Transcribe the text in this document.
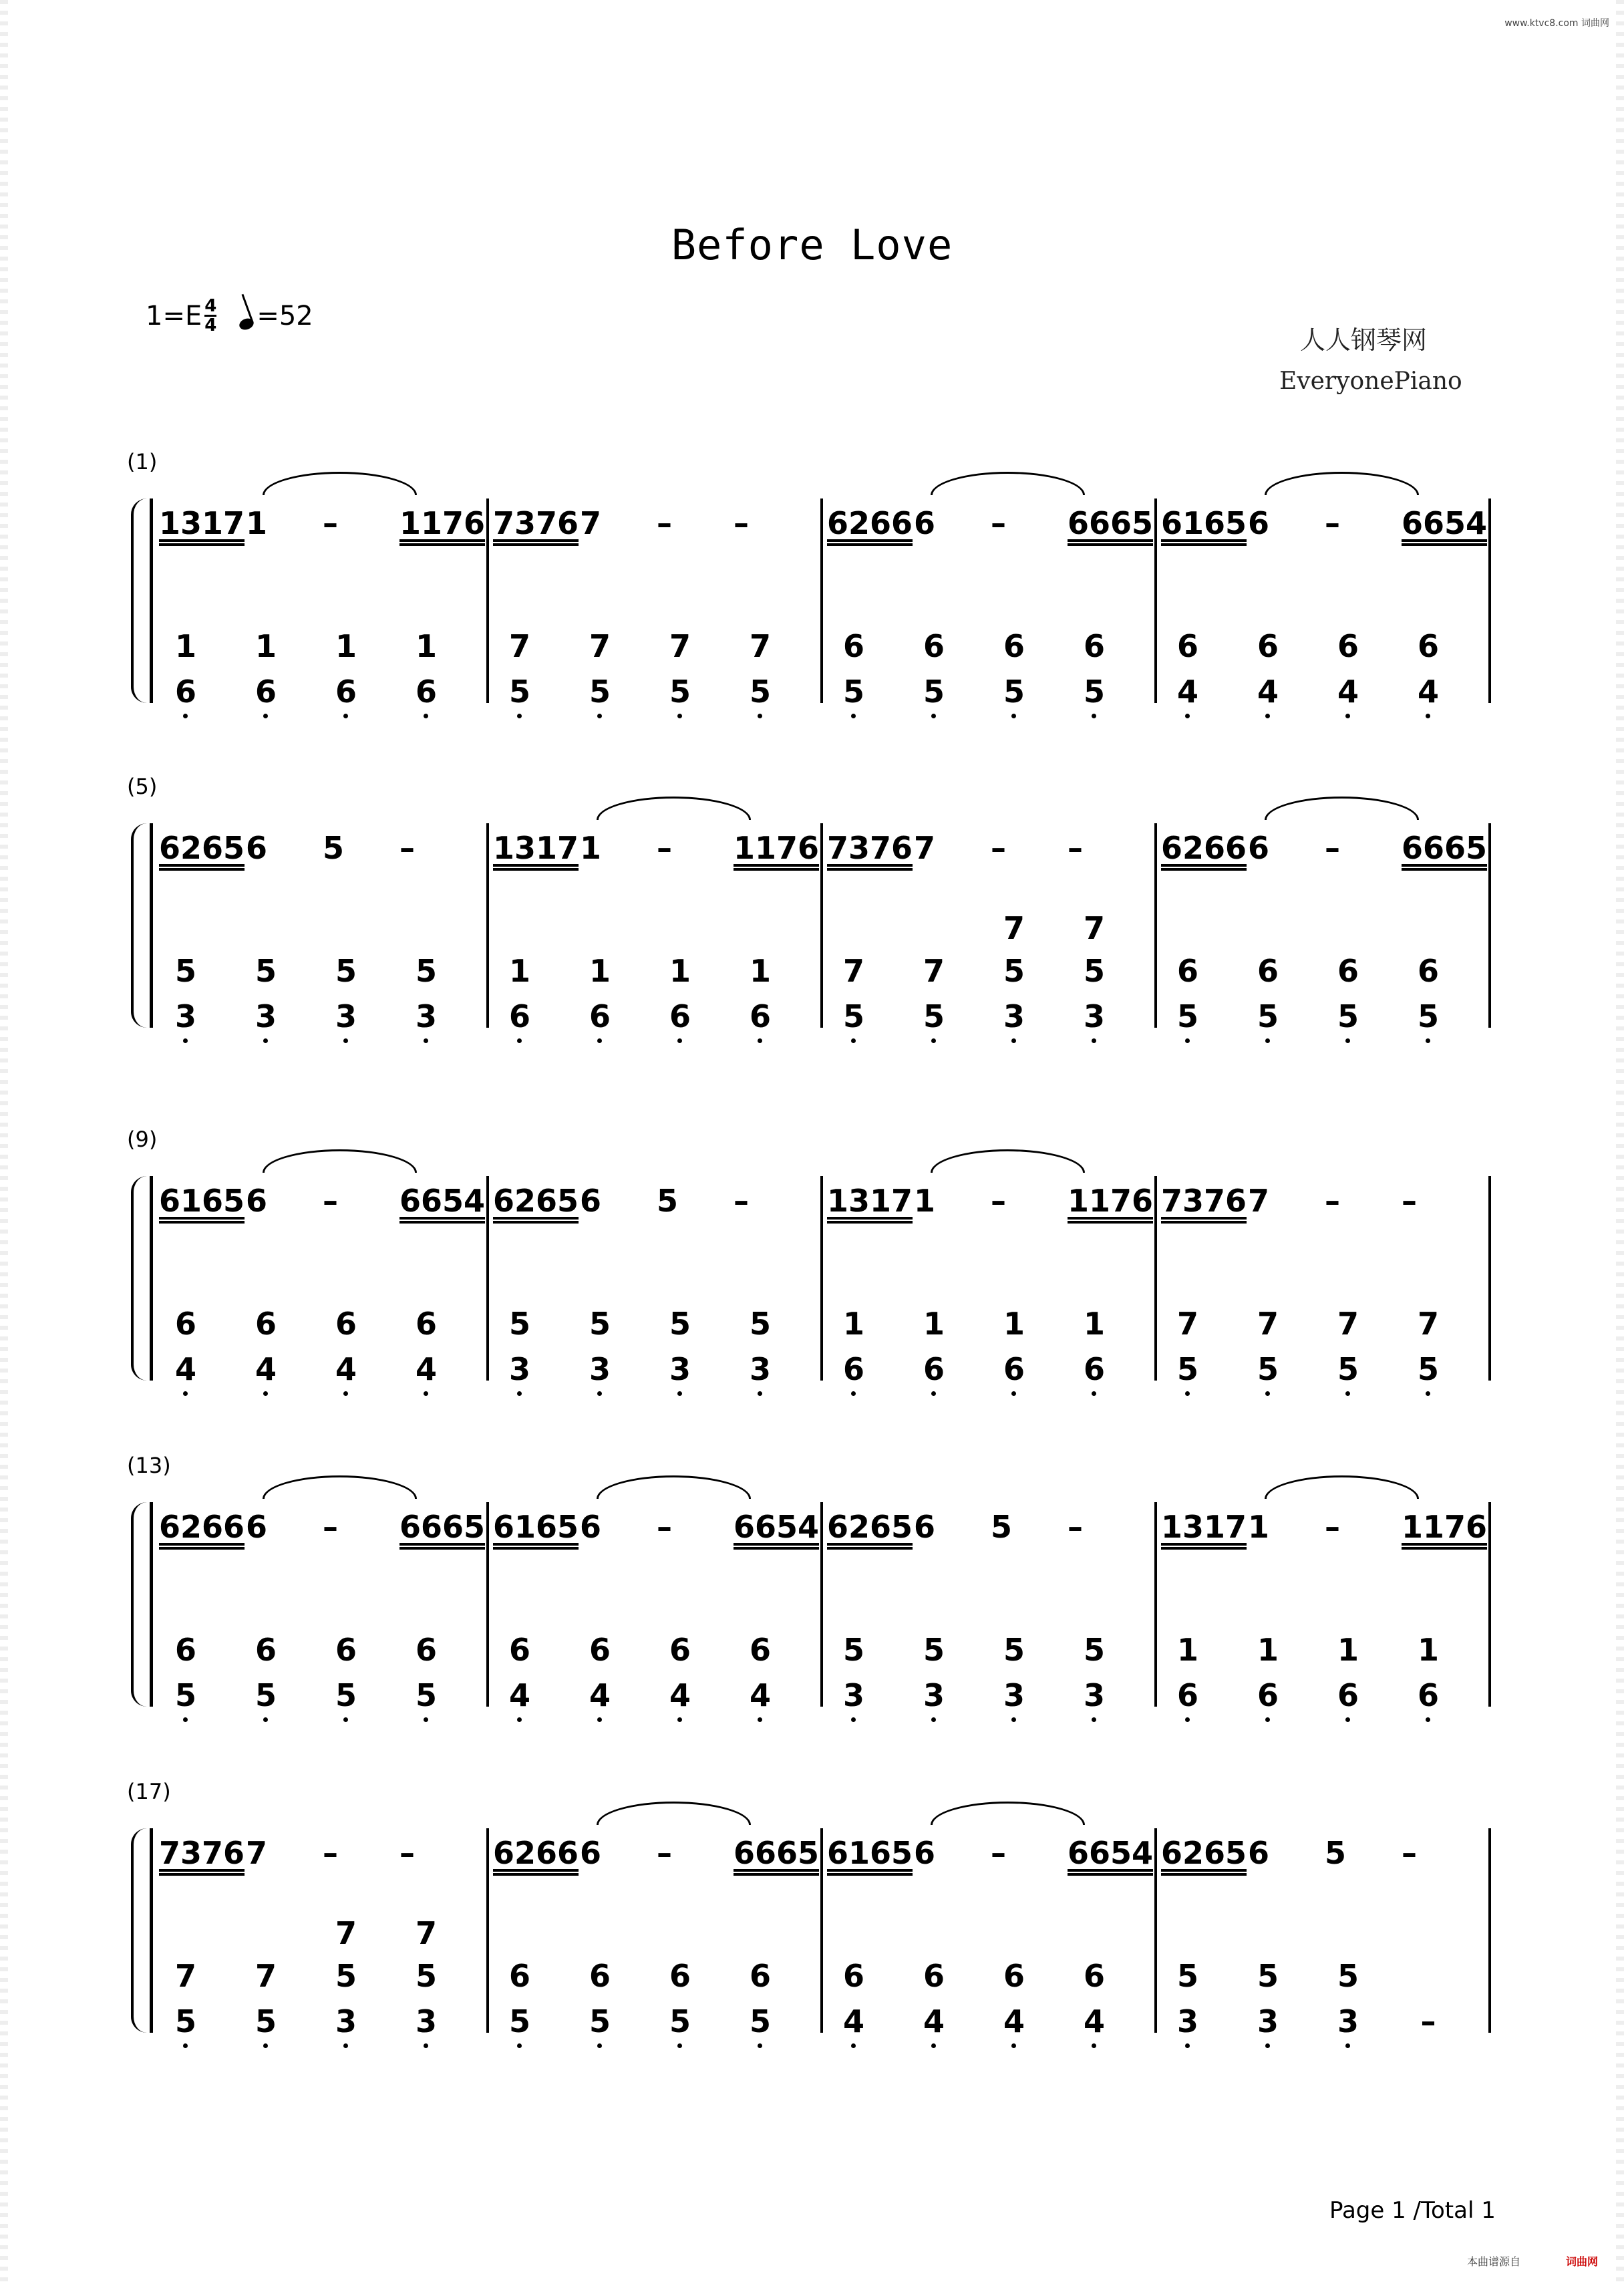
www.ktvc8.com 词曲网
Before Love
$1=E \frac{4}{4} =52$
人人钢琴网
EveryonePiano
(1)
1317 1 –	1176
1 1 1 1
6 6 6 6
7376 7 –	–
7 7 7 7
5 5 5 5
6266 6 –	6665
6 6 6 6
5 5 5 5
6165 6 –	6654
6 6 6 6
4 4 4 4
(5)
6265 6 5 –
5 5 5 5
3 3 3 3
1317 1 –	1176
1 1 1 1
6 6 6 6
7376 7 –	–
7 7
7 7 5 5
5 5 3 3
6266 6 –	6665
6 6 6 6
5 5 5 5
(9)
6165 6 –	6654
6 6 6 6
4 4 4 4
6265 6 5 –
5 5 5 5
3 3 3 3
1317 1 –	1176
1 1 1 1
6 6 6 6
7376 7 –	–
7 7 7 7
5 5 5 5
(13)
6266 6 –	6665
6 6 6 6
5 5 5 5
6165 6 –	6654
6 6 6 6
4 4 4 4
6265 6 5 –
5 5 5 5
3 3 3 3
1317 1 –	1176
1 1 1 1
6 6 6 6
(17)
7376 7 –	–
7 7
7 7 5 5
5 5 3 3
6266 6 –	6665
6 6 6 6
5 5 5 5
6165 6 –	6654
6 6 6 6
4 4 4 4
6265 6 5 –
5 5 5
3 3 3 –
Page 1 /Total 1
本曲谱源自	词曲网
